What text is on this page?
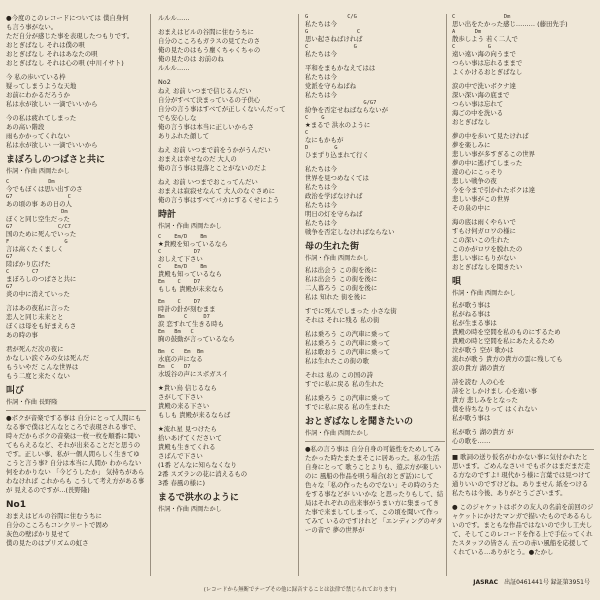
●今度のこのレコードについては 僕自身何
も言う事がない。
ただ自分が感じた事を表現したつもりです。
おとぎばなし それは僕の唄
おとぎばなし それはあなたの唄
おとぎばなし それは心の唄 (中川イサト)
今 私の歩いている枠
疑ってしまうような天地
お前にわかるだろうか
私は水が欲しい 一滴でいいから
今の私は疲れてしまった
あの高い階段
雨もかかってくれない
私は水が欲しい 一滴でいいから
まぼろしのつばさと共に
作詞・作曲 西岡たかし
C            Dm
今でもぼくは思い出すのさ
G7                 C
あの頃の事 あの日の人
Dm
ぼくと同じ空生だった
G7              C/C7
国のために死んでいった
F                 G
言は高くたくましく
G7
陸ばかり広げた
C       C7
まぼろしのつばさと共に
G7
炎の中に消えていった
言はあの夜私に言った
恋人と同じ未来とと
ぼくは母をも好まえらさ
あの時の事
君が死んだ次の夜に
かなしい涙ぐみの女は死んだ
もういやだ こんな世界は
もう二度と来たくない
叫び
作詞・作曲 長野隆
●ボクが音楽でする事は 自分にとって人間にもなる事で僕はどんなところで表現される事で、時々だからボクの音楽は一枚一枚を順番に聞いてもらえるなど、それが出来ることだと思うのです。正しい事、私が一個人間らしく生きてゆこうと言う事? 自分は本当に人間か わからない 何をわかりない 「今どうしたか」 気持ちがあらわなければ これからも こうして考え方がある事が 見えるのですが…(長野隆)
No1
おまえはビルの谷間に住むうちに
自分のこころもコンクリートで固め
灰色の壁ばかり見せて
僕の見たのはプリズムの虹さ
ルルル……
おまえはビルの谷間に住むうちに
自分のこころもガラスの見てたのさ
俺の見たのはもう塵くちゃくちゃの
俺の見たのは お前のね
ルルル……
No2
ねえ お前 いつまで信じるんだい
自分がすべて決まっているの子供心
自分の言う事はすべてが正しくないんだって
でも安心しな
俺の言う事は本当に正しいからさ
ありふれた顔して
ねえ お前 いつまで前をうかがうんだい
おまえは幸せなのだ 大人の
俺の言う事は見落とことがないのだよ
ねえ お前 いつまでおこってんだい
おまえは寂寂せなんて 大人のなぐさめに
俺の言う事はすべてバカにするくせによう
時計
作詞・作曲 西岡たかし
C    Em/D    Bm
★貴殿を知っているなら
C          D7
おしえて下さい
C    Em/D    Bm
貴殿も知っているなら
Em    C    D7
もしも 貴殿が未来なら
Em    C    D7
時計の針が刻むまま
Bm      C     D7
涙 恋すれて生きる時も
Em   Bm   C
胸の鼓動が言っているなら
Bm  C   Em  Bm
水底の声になる
Em  C   D7
水坂谷の声にスボガスイ
★貴い鳥 信じるなら
さがして下さい
貴殿の来る下さい
もしも 貴殿が来るならば
★流れ星 見つけたら
拾いあげてくださいて
貴殿も生きてくれる
さばんで下さい
(1番 どんなに知らなくなり
2番 スズランの花に消えるもの
3番 春風の様に)
まるで洪水のように
作詞・作曲 西岡たかし
G            C/G
私たちは今
G               C
思い起さねばければ
C              G
私たちは今
平和をまもかなえてはは
私たちは今
党派を守らねばね
私たちは今
G/G7
紛争を否定せねばならないが
C    G
★まるで 洪水のように
C
なにもかもが
D        G
ひまずり込まれて行く
私たちは今
世界を見つめなくては
私たちは今
政治を学ばなければ
私たちは今
明日の灯を守らねば
私たちは今
戦争を否定しなければならない
母の生れた街
作詞・作曲 西岡たかし
私は出会う この街を後に
私は出会う この街を後に
二人暮ろう この街を後に
私は 知れた 街を後に
すでに死んでしまった 小さな街
それは それに残る 私の街
私は乗ろう この汽車に乗って
私は乗ろう この汽車に乗って
私は歌おう この汽車に乗って
私は生れたこの街の歌
それは 私の この国の詩
すでに私に戻る 私の生れた
私は乗ろう この汽車に乗って
すでに私に戻る 私の生まれた
おとぎばなしを聞きたいの
作詞・作曲 西岡たかし
●私の言う事は 自分自身の可能性をためしてみたかった時たまたまそこに居あった。私の生活自身にとって 歌うことよりも、遊ぶ方が楽しいのに 風船の作品を唄う場合(おとぎ話)にして 色々な「私の作ったものでない」その時のうたをする事などが いいかな と思ったりもして、結局はそれぞれの出来事がうまい方に集まってきた事で来ましてしまって、この頃を聞いて作ってみて いるのですけれど 「エンディングのギターの音で 夢の世界が
C               Dm
思い出をたかった感じ……… (藤田先手)
A      Dm
散歩しよう 若く二人で
C          G
遠い遠い海の向うまで
つらい事は忘れるままで
よくかけるおとぎばなし
涙の中で洗いボクナ達
深い深い海の底まで
つらい事は忘れて
海ごの中を洗いる
おとぎばなし
夢の中を歩いて見たければ
夢を楽しみに
悲しい事が多すぎるこの世界
夢の中に逃げてしまった
遊の心にこっそり
悲しい戦争の夜
今を今まで引かれたボクは達
悲しい事がこの世界
その泉の中に
海の底は雨くやらいで
すもけ何ガロワの様に
この深いこの生れた
このかがロワを脱れたの
悲しい事にもりがない
おとぎばなしを聞きたい
唄
作詞・作曲 西岡たかし
私が歌う事は
私がねる事は
私が生まる事は
貴殿の時を空間を私のものにするため
貴殿の時と空間を私にあたえるため
泣が歌う 空が 歌かは
流れが歌う 貴方の貴方の雲に残しても
涙の貴方 湖の貴方
詩を読む 人の心を
詩をとしかけまし 心を遠い事
貴方 悲しみをとなった
僕を待ちなりって はくれない
私が歌う事は
私が歌う 湖の貴方 が
心の歌を……
■ 歌詞の送り仮名がわかない事に気付かれたと思います。ごめんなさい! でもボクはまだまだ走る方なのですよ! 現代かう様に言葉では見つけて通りいいのですけどね。ありません 紙をつける私たちは今後、ありがとうございます。
● このジャケットはボクの友人の名前を前回のジャケットにかけたマンガで描いたものであるらしいのです。まともな作品ではないので少し工夫して、そしてこのレコードを作る上で手伝ってくれたスタッフの皆さん 五つの赤い風船を応援してくれている…ありがとう。●たかし
JASRAC 出証0461441号 録証第3951号
(レコードから無断でテープその他に録音することは法律で禁じられております)
